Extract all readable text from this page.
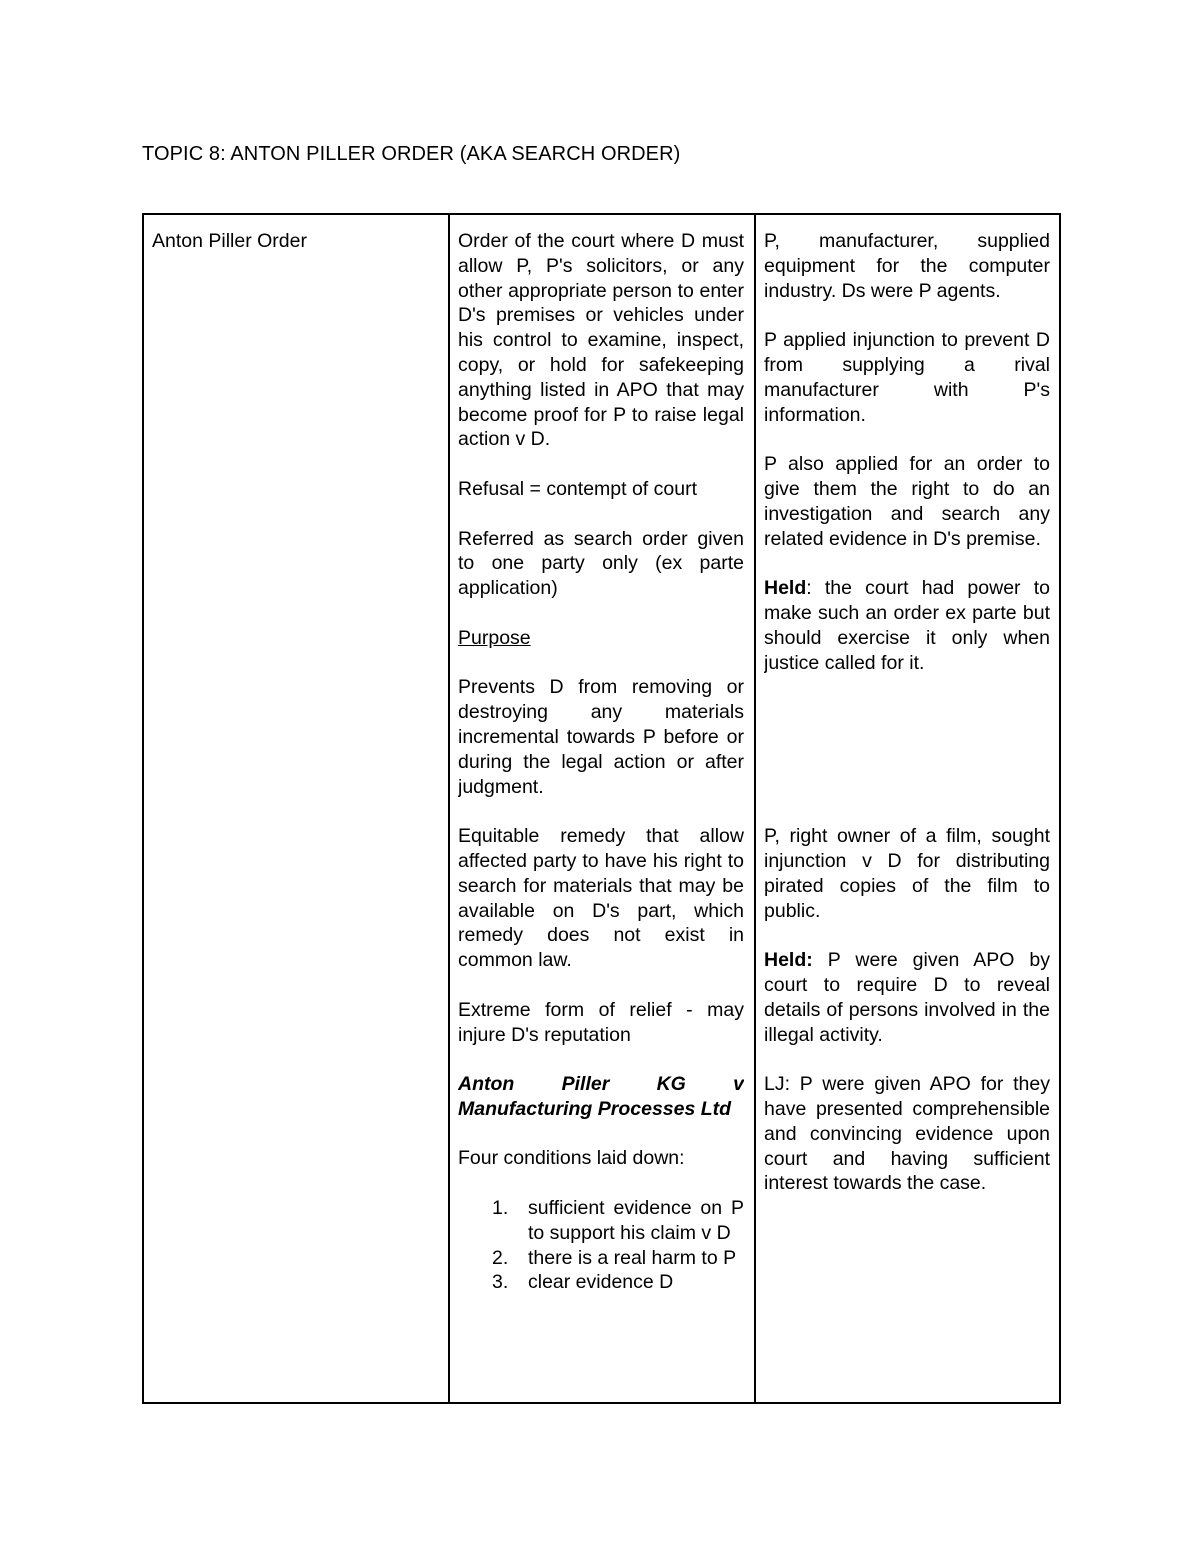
TOPIC 8: ANTON PILLER ORDER (AKA SEARCH ORDER)
Anton Piller Order	Order of the court where D must allow P, P's solicitors, or any other appropriate person to enter D's premises or vehicles under his control to examine, inspect, copy, or hold for safekeeping anything listed in APO that may become proof for P to raise legal action v D.

Refusal = contempt of court

Referred as search order given to one party only (ex parte application)

Purpose

Prevents D from removing or destroying any materials incremental towards P before or during the legal action or after judgment.

Equitable remedy that allow affected party to have his right to search for materials that may be available on D's part, which remedy does not exist in common law.

Extreme form of relief - may injure D's reputation

Anton Piller KG v Manufacturing Processes Ltd

Four conditions laid down:

1. sufficient evidence on P to support his claim v D
2. there is a real harm to P
3. clear evidence D

P, manufacturer, supplied equipment for the computer industry. Ds were P agents.

P applied injunction to prevent D from supplying a rival manufacturer with P's information.

P also applied for an order to give them the right to do an investigation and search any related evidence in D's premise.

Held: the court had power to make such an order ex parte but should exercise it only when justice called for it.

P, right owner of a film, sought injunction v D for distributing pirated copies of the film to public.

Held: P were given APO by court to require D to reveal details of persons involved in the illegal activity.

LJ: P were given APO for they have presented comprehensible and convincing evidence upon court and having sufficient interest towards the case.
